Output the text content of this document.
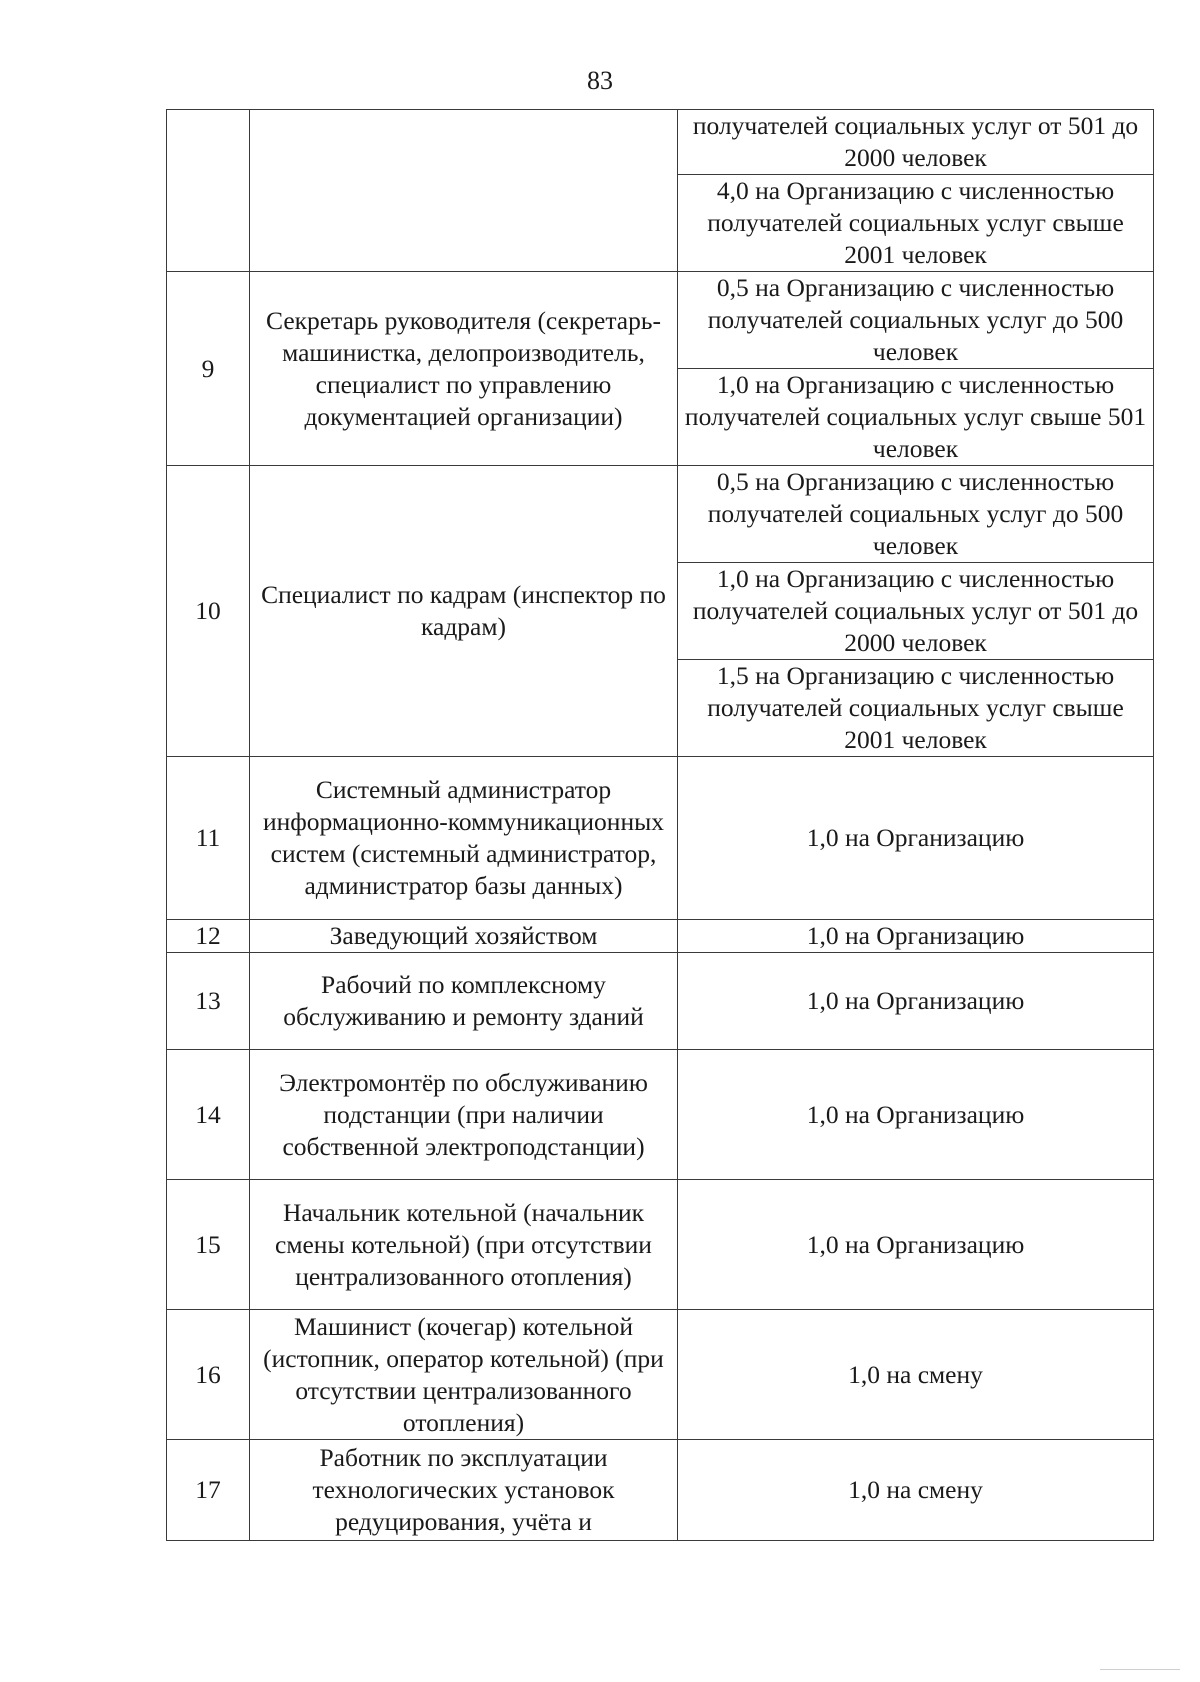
83
		получателей социальных услуг от 501 до 2000 человек
		4,0 на Организацию с численностью получателей социальных услуг свыше 2001 человек
9	Секретарь руководителя (секретарь-машинистка, делопроизводитель, специалист по управлению документацией организации)	0,5 на Организацию с численностью получателей социальных услуг до 500 человек
		1,0 на Организацию с численностью получателей социальных услуг свыше 501 человек
10	Специалист по кадрам (инспектор по кадрам)	0,5 на Организацию с численностью получателей социальных услуг до 500 человек
		1,0 на Организацию с численностью получателей социальных услуг от 501 до 2000 человек
		1,5 на Организацию с численностью получателей социальных услуг свыше 2001 человек
11	Системный администратор информационно-коммуникационных систем (системный администратор, администратор базы данных)	1,0 на Организацию
12	Заведующий хозяйством	1,0 на Организацию
13	Рабочий по комплексному обслуживанию и ремонту зданий	1,0 на Организацию
14	Электромонтёр по обслуживанию подстанции (при наличии собственной электроподстанции)	1,0 на Организацию
15	Начальник котельной (начальник смены котельной) (при отсутствии централизованного отопления)	1,0 на Организацию
16	Машинист (кочегар) котельной (истопник, оператор котельной) (при отсутствии централизованного отопления)	1,0 на смену
17	Работник по эксплуатации технологических установок редуцирования, учёта и	1,0 на смену
